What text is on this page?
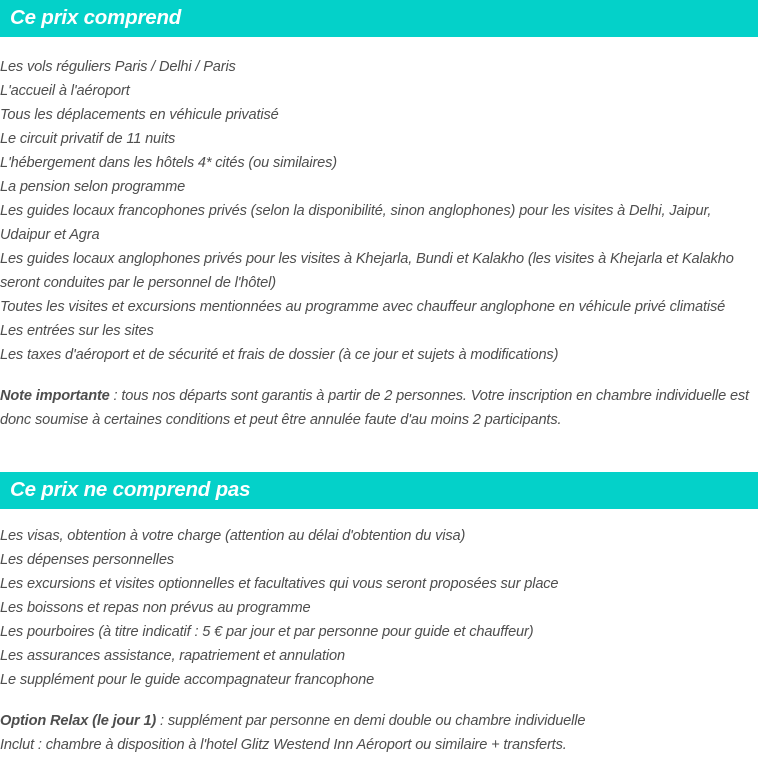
Ce prix comprend
Les vols réguliers Paris / Delhi / Paris
L'accueil à l'aéroport
Tous les déplacements en véhicule privatisé
Le circuit privatif de 11 nuits
L'hébergement dans les hôtels 4* cités (ou similaires)
La pension selon programme
Les guides locaux francophones privés (selon la disponibilité, sinon anglophones) pour les visites à Delhi, Jaipur, Udaipur et Agra
Les guides locaux anglophones privés pour les visites à Khejarla, Bundi et Kalakho (les visites à Khejarla et Kalakho seront conduites par le personnel de l'hôtel)
Toutes les visites et excursions mentionnées au programme avec chauffeur anglophone en véhicule privé climatisé
Les entrées sur les sites
Les taxes d'aéroport et de sécurité et frais de dossier (à ce jour et sujets à modifications)

Note importante : tous nos départs sont garantis à partir de 2 personnes. Votre inscription en chambre individuelle est donc soumise à certaines conditions et peut être annulée faute d'au moins 2 participants.

Ce prix ne comprend pas
Les visas, obtention à votre charge (attention au délai d'obtention du visa)
Les dépenses personnelles
Les excursions et visites optionnelles et facultatives qui vous seront proposées sur place
Les boissons et repas non prévus au programme
Les pourboires (à titre indicatif : 5 € par jour et par personne pour guide et chauffeur)
Les assurances assistance, rapatriement et annulation
Le supplément pour le guide accompagnateur francophone

Option Relax (le jour 1) : supplément par personne en demi double ou chambre individuelle

Inclut : chambre à disposition à l'hotel Glitz Westend Inn Aéroport ou similaire + transferts.
